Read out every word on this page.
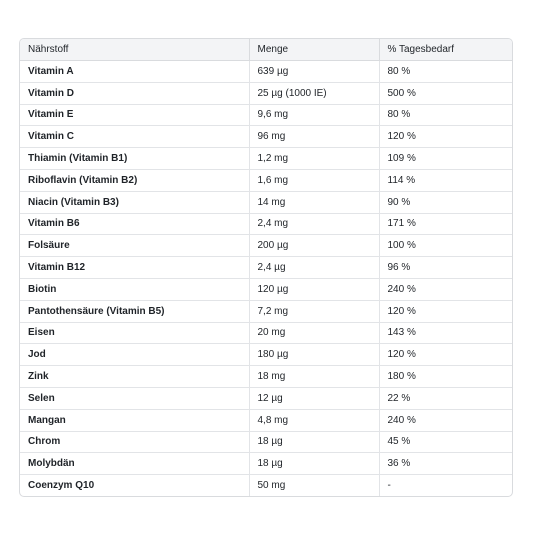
Nährstoff	Menge	% Tagesbedarf
Vitamin A	639 µg	80 %
Vitamin D	25 µg (1000 IE)	500 %
Vitamin E	9,6 mg	80 %
Vitamin C	96 mg	120 %
Thiamin (Vitamin B1)	1,2 mg	109 %
Riboflavin (Vitamin B2)	1,6 mg	114 %
Niacin (Vitamin B3)	14 mg	90 %
Vitamin B6	2,4 mg	171 %
Folsäure	200 µg	100 %
Vitamin B12	2,4 µg	96 %
Biotin	120 µg	240 %
Pantothensäure (Vitamin B5)	7,2 mg	120 %
Eisen	20 mg	143 %
Jod	180 µg	120 %
Zink	18 mg	180 %
Selen	12 µg	22 %
Mangan	4,8 mg	240 %
Chrom	18 µg	45 %
Molybdän	18 µg	36 %
Coenzym Q10	50 mg	-
